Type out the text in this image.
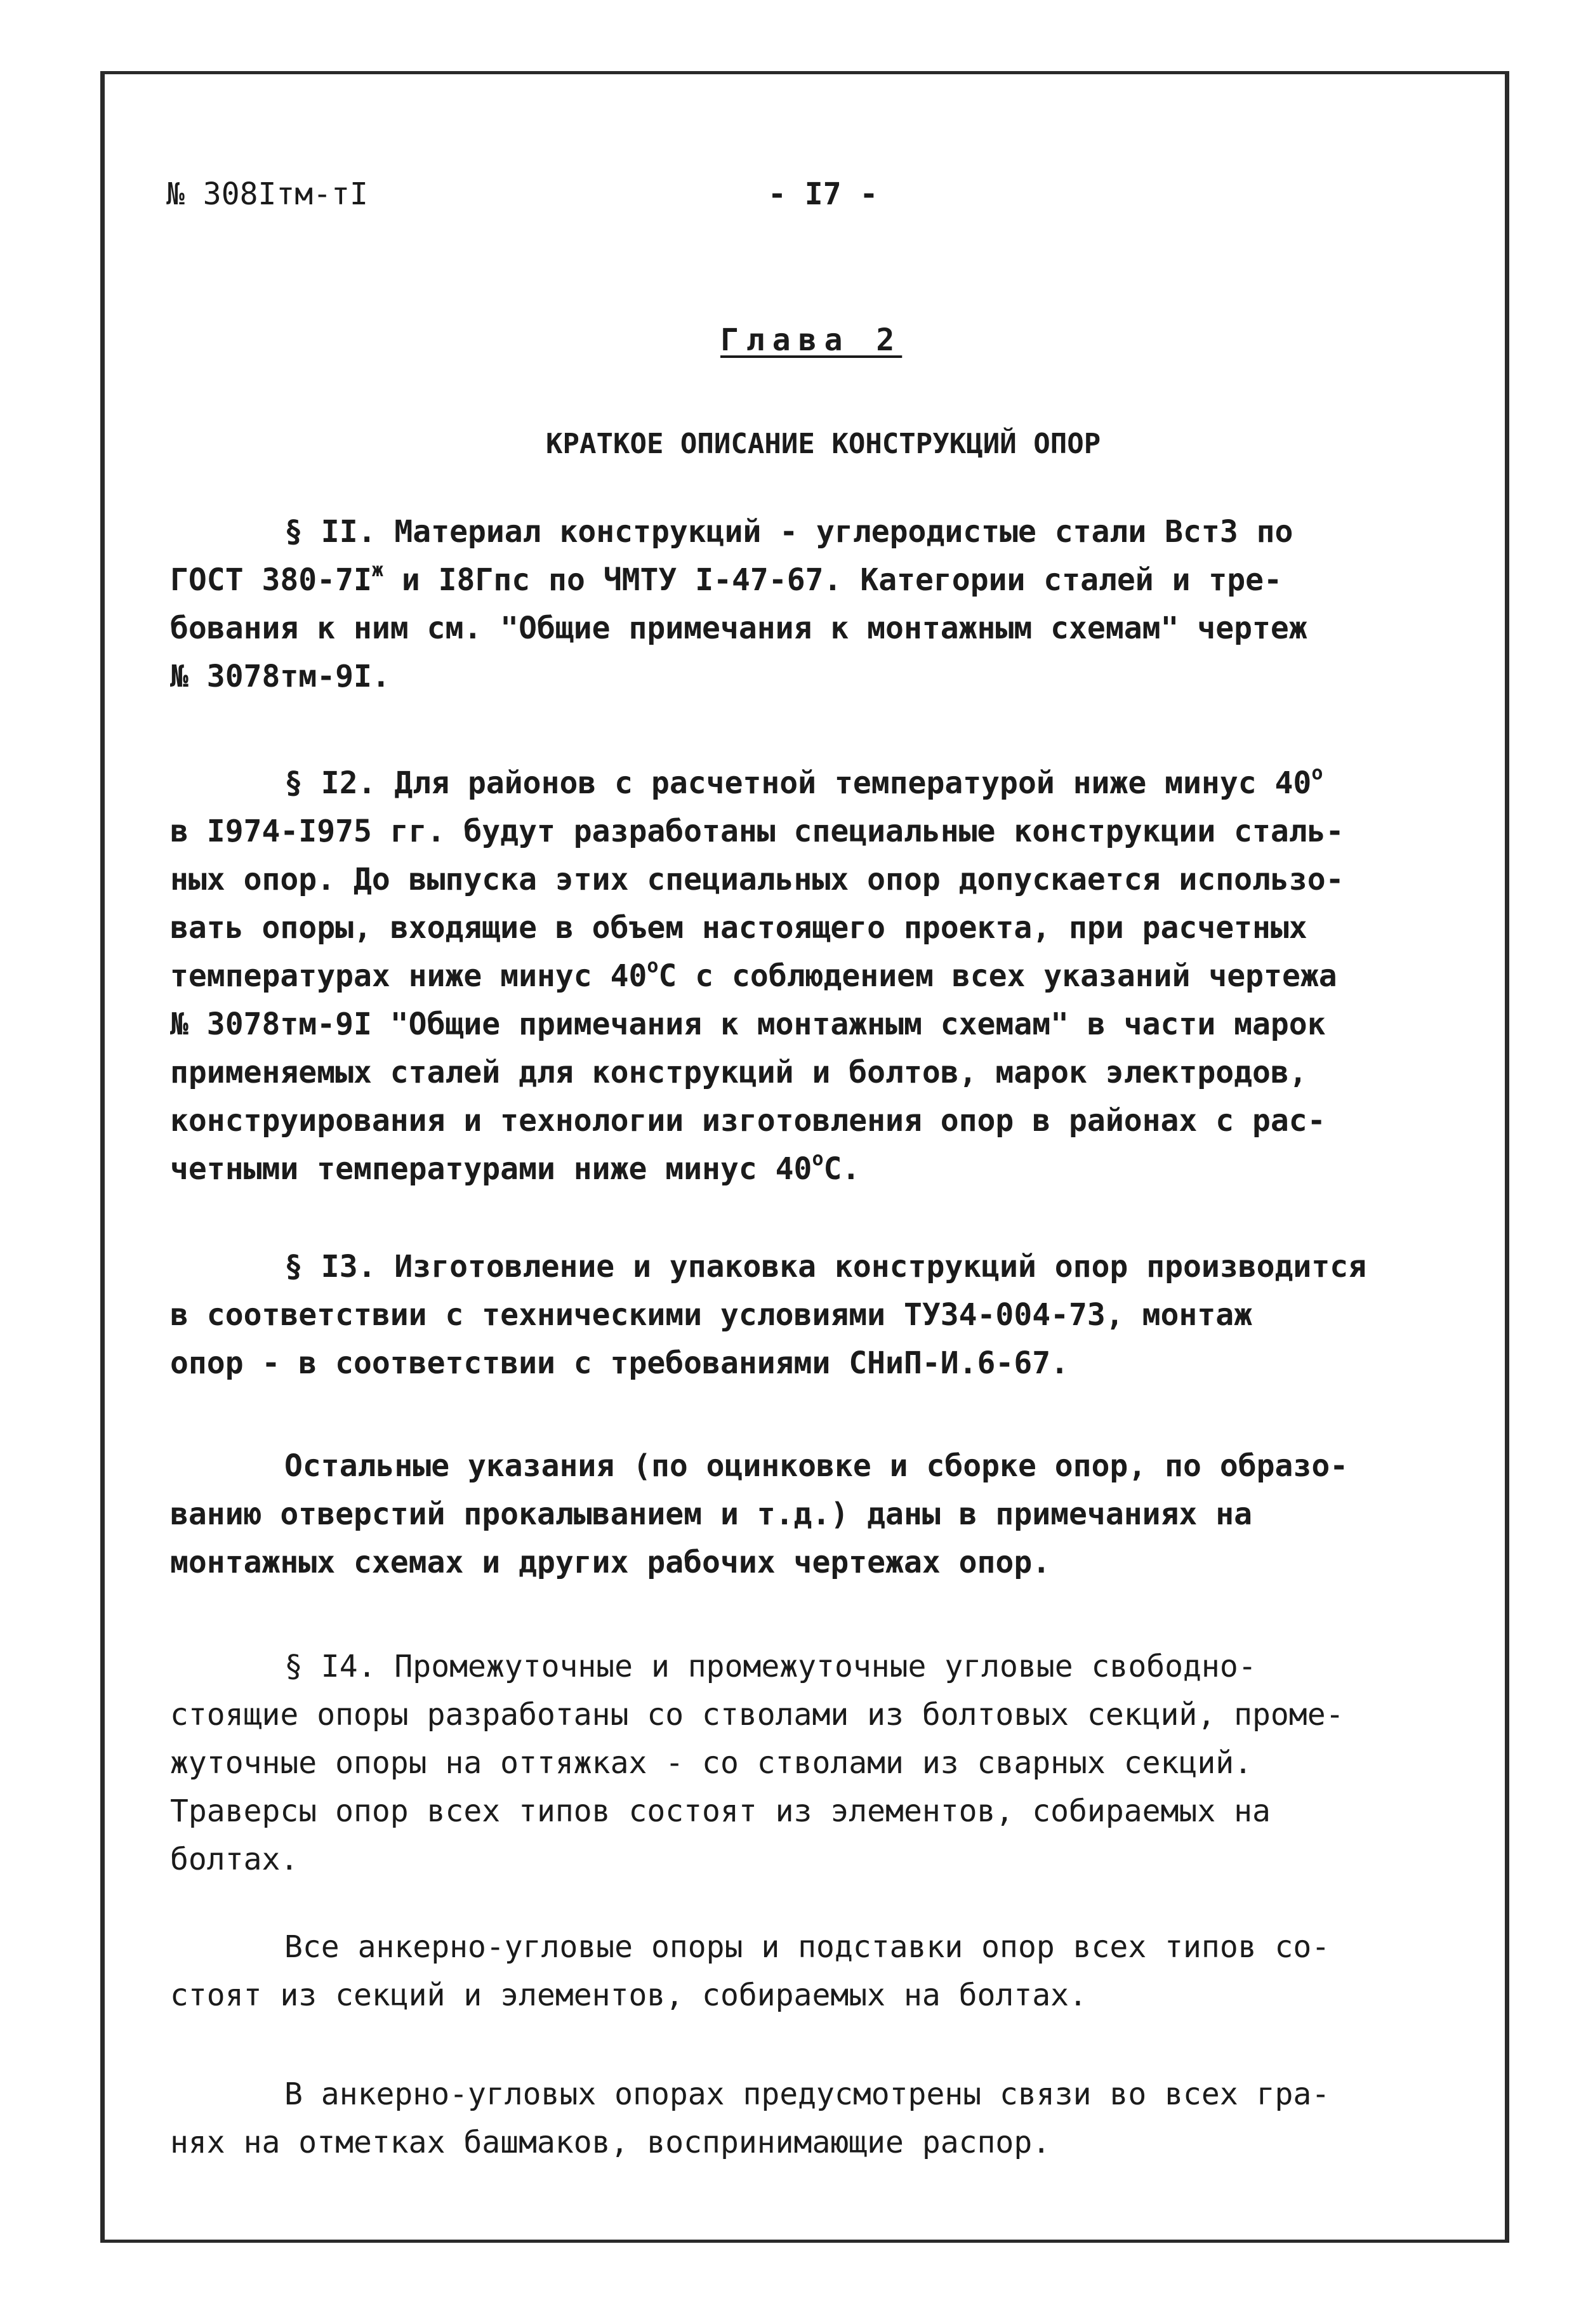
№ 308Iтм-тI	- I7 -
Глава 2
КРАТКОЕ ОПИСАНИЕ КОНСТРУКЦИЙ ОПОР
§ II. Материал конструкций - углеродистые стали ВстЗ по
ГОСТ $380-7I^ж$ и I8Гпс по ЧМТУ I-47-67. Категории сталей и тре-
бования к ним см. "Общие примечания к монтажным схемам" чертеж
№ 3078тм-9I.
§ I2. Для районов с расчетной температурой ниже минус $40^о$
в I974-I975 гг. будут разработаны специальные конструкции сталь-
ных опор. До выпуска этих специальных опор допускается использо-
вать опоры, входящие в объем настоящего проекта, при расчетных
температурах ниже минус $40^оС$ с соблюдением всех указаний чертежа
№ 3078тм-9I "Общие примечания к монтажным схемам" в части марок
применяемых сталей для конструкций и болтов, марок электродов,
конструирования и технологии изготовления опор в районах с рас-
четными температурами ниже минус $40^оС$.
§ I3. Изготовление и упаковка конструкций опор производится
в соответствии с техническими условиями ТУ34-004-73, монтаж
опор - в соответствии с требованиями СНиП-И.6-67.
Остальные указания (по оцинковке и сборке опор, по образо-
ванию отверстий прокалыванием и т.д.) даны в примечаниях на
монтажных схемах и других рабочих чертежах опор.
§ I4. Промежуточные и промежуточные угловые свободно-
стоящие опоры разработаны со стволами из болтовых секций, проме-
жуточные опоры на оттяжках - со стволами из сварных секций.
Траверсы опор всех типов состоят из элементов, собираемых на
болтах.
Все анкерно-угловые опоры и подставки опор всех типов со-
стоят из секций и элементов, собираемых на болтах.
В анкерно-угловых опорах предусмотрены связи во всех гра-
нях на отметках башмаков, воспринимающие распор.
